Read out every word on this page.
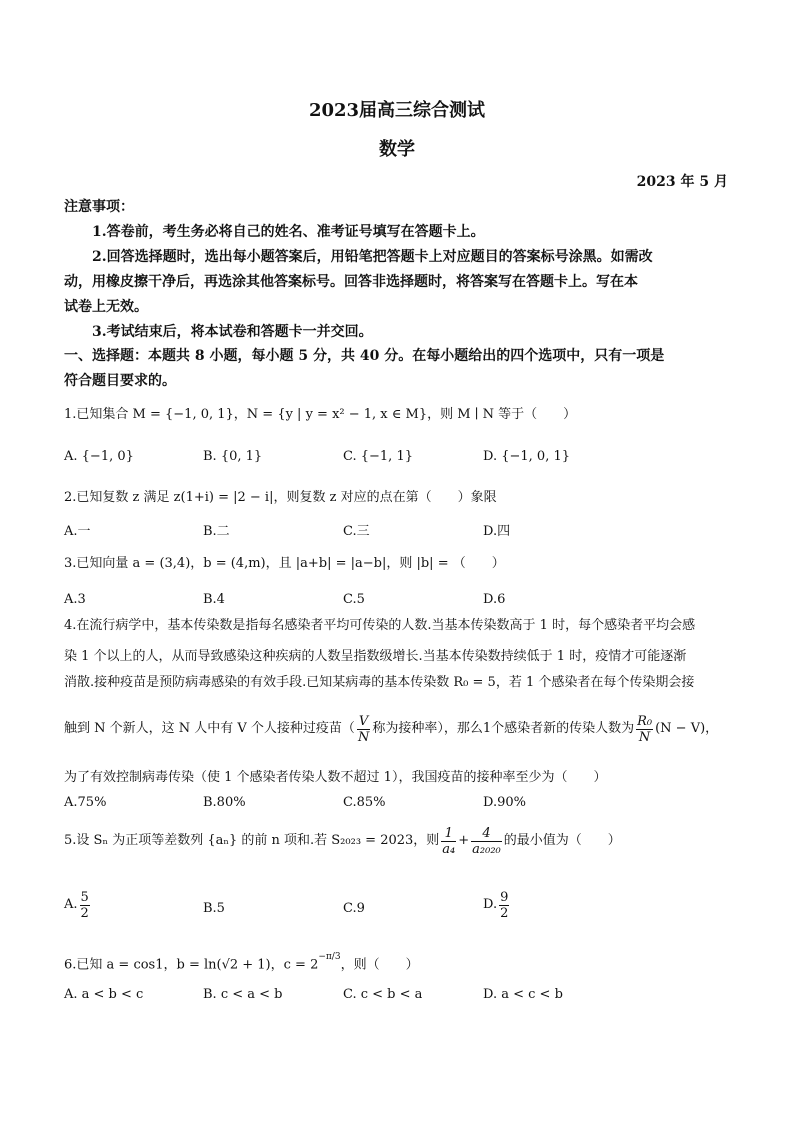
2023届高三综合测试
数学
2023 年 5 月
注意事项：
1.答卷前，考生务必将自己的姓名、准考证号填写在答题卡上。
2.回答选择题时，选出每小题答案后，用铅笔把答题卡上对应题目的答案标号涂黑。如需改
动，用橡皮擦干净后，再选涂其他答案标号。回答非选择题时，将答案写在答题卡上。写在本
试卷上无效。
3.考试结束后，将本试卷和答题卡一并交回。
一、选择题：本题共 8 小题，每小题 5 分，共 40 分。在每小题给出的四个选项中，只有一项是
符合题目要求的。
1.已知集合 M = {−1, 0, 1}，N = {y | y = x² − 1, x ∈ M}，则 M ∣ N 等于（　　）
A. {−1, 0}	B. {0, 1}	C. {−1, 1}	D. {−1, 0, 1}
2.已知复数 z 满足 z(1+i) = |2 − i|，则复数 z 对应的点在第（　　）象限
A.一	B.二	C.三	D.四
3.已知向量 a = (3,4)，b = (4,m)，且 |a+b| = |a−b|，则 |b| = （　　）
A.3	B.4	C.5	D.6
4.在流行病学中，基本传染数是指每名感染者平均可传染的人数.当基本传染数高于 1 时，每个感染者平均会感
染 1 个以上的人，从而导致感染这种疾病的人数呈指数级增长.当基本传染数持续低于 1 时，疫情才可能逐渐
消散.接种疫苗是预防病毒感染的有效手段.已知某病毒的基本传染数 R₀ = 5，若 1 个感染者在每个传染期会接
触到 N 个新人，这 N 人中有 V 个人接种过疫苗（ $\frac{V}{N}$ 称为接种率），那么1个感染者新的传染人数为 $\frac{\text{R₀}}{N} (N - V)$，
为了有效控制病毒传染（使 1 个感染者传染人数不超过 1），我国疫苗的接种率至少为（　　）
A.75%	B.80%	C.85%	D.90%
5.设 Sₙ 为正项等差数列 {aₙ} 的前 n 项和.若 S₂₀₂₃ = 2023，则 $\frac{1}{\text{a₄}} + \frac{4}{\text{a₂₀₂₀}}$ 的最小值为（　　）
A. $\frac{5}{2}$	B.5	C.9	D. $\frac{9}{2}$
6.已知 a = cos1，b = ln(√2 + 1)，$c = 2^{-\pi/3}$，则（　　）
A. a < b < c	B. c < a < b	C. c < b < a	D. a < c < b
